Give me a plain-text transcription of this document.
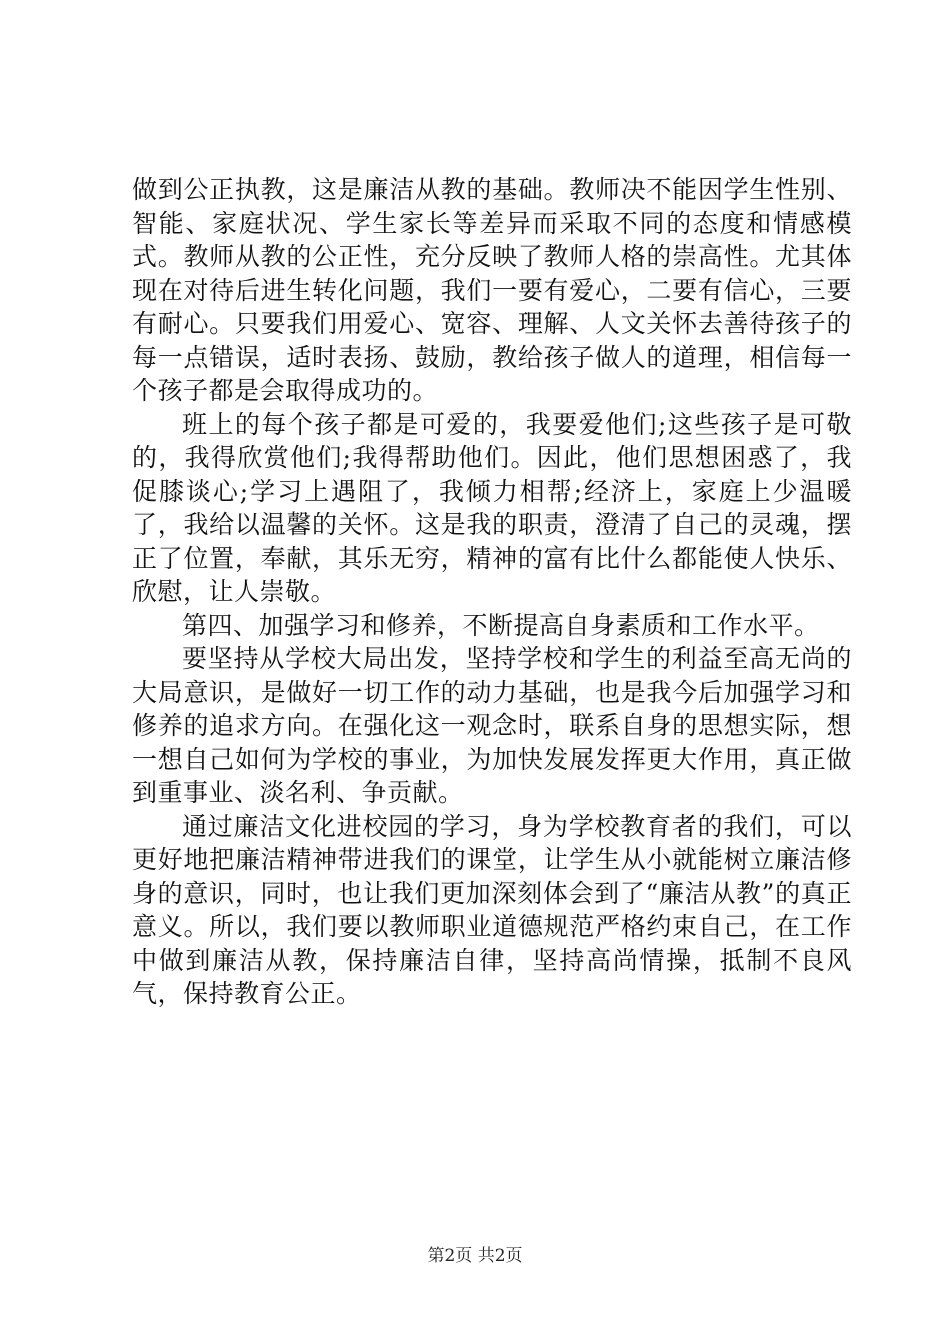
做到公正执教，这是廉洁从教的基础。教师决不能因学生性别、智能、家庭状况、学生家长等差异而采取不同的态度和情感模式。教师从教的公正性，充分反映了教师人格的崇高性。尤其体现在对待后进生转化问题，我们一要有爱心，二要有信心，三要有耐心。只要我们用爱心、宽容、理解、人文关怀去善待孩子的每一点错误，适时表扬、鼓励，教给孩子做人的道理，相信每一个孩子都是会取得成功的。

班上的每个孩子都是可爱的，我要爱他们;这些孩子是可敬的，我得欣赏他们;我得帮助他们。因此，他们思想困惑了，我促膝谈心;学习上遇阻了，我倾力相帮;经济上，家庭上少温暖了，我给以温馨的关怀。这是我的职责，澄清了自己的灵魂，摆正了位置，奉献，其乐无穷，精神的富有比什么都能使人快乐、欣慰，让人崇敬。

第四、加强学习和修养，不断提高自身素质和工作水平。

要坚持从学校大局出发，坚持学校和学生的利益至高无尚的大局意识，是做好一切工作的动力基础，也是我今后加强学习和修养的追求方向。在强化这一观念时，联系自身的思想实际，想一想自己如何为学校的事业，为加快发展发挥更大作用，真正做到重事业、淡名利、争贡献。

通过廉洁文化进校园的学习，身为学校教育者的我们，可以更好地把廉洁精神带进我们的课堂，让学生从小就能树立廉洁修身的意识，同时，也让我们更加深刻体会到了“廉洁从教”的真正意义。所以，我们要以教师职业道德规范严格约束自己，在工作中做到廉洁从教，保持廉洁自律，坚持高尚情操，抵制不良风气，保持教育公正。

第2页 共2页
